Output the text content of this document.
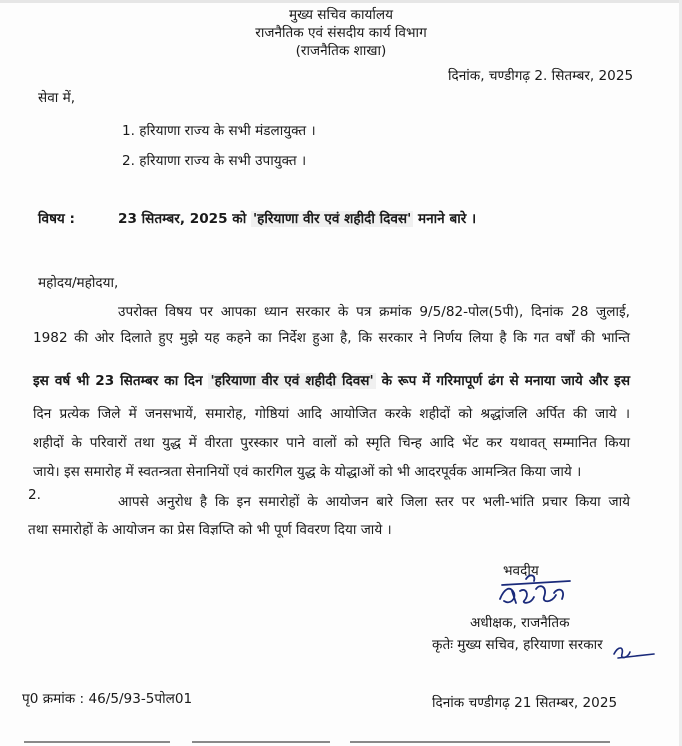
मुख्य सचिव कार्यालय
राजनैतिक एवं संसदीय कार्य विभाग
(राजनैतिक शाखा)
दिनांक, चण्डीगढ़ 2. सितम्बर, 2025
सेवा में,
1. हरियाणा राज्य के सभी मंडलायुक्त ।
2. हरियाणा राज्य के सभी उपायुक्त ।
विषय :	23 सितम्बर, 2025 को 'हरियाणा वीर एवं शहीदी दिवस' मनाने बारे ।
महोदय/महोदया,
उपरोक्त विषय पर आपका ध्यान सरकार के पत्र क्रमांक 9/5/82-पोल(5पी), दिनांक 28 जुलाई,
1982 की ओर दिलाते हुए मुझे यह कहने का निर्देश हुआ है, कि सरकार ने निर्णय लिया है कि गत वर्षों की भान्ति
इस वर्ष भी 23 सितम्बर का दिन 'हरियाणा वीर एवं शहीदी दिवस' के रूप में गरिमापूर्ण ढंग से मनाया जाये और इस
दिन प्रत्येक जिले में जनसभायें, समारोह, गोष्ठियां आदि आयोजित करके शहीदों को श्रद्धांजलि अर्पित की जाये ।
शहीदों के परिवारों तथा युद्ध में वीरता पुरस्कार पाने वालों को स्मृति चिन्ह आदि भेंट कर यथावत् सम्मानित किया
जाये। इस समारोह में स्वतन्त्रता सेनानियों एवं कारगिल युद्ध के योद्धाओं को भी आदरपूर्वक आमन्त्रित किया जाये ।
2.	आपसे अनुरोध है कि इन समारोहों के आयोजन बारे जिला स्तर पर भली-भांति प्रचार किया जाये
तथा समारोहों के आयोजन का प्रेस विज्ञप्ति को भी पूर्ण विवरण दिया जाये ।
भवदीय
अधीक्षक, राजनैतिक
कृतेः मुख्य सचिव, हरियाणा सरकार
पृ0 क्रमांक : 46/5/93-5पोल01	दिनांक चण्डीगढ़ 21 सितम्बर, 2025
